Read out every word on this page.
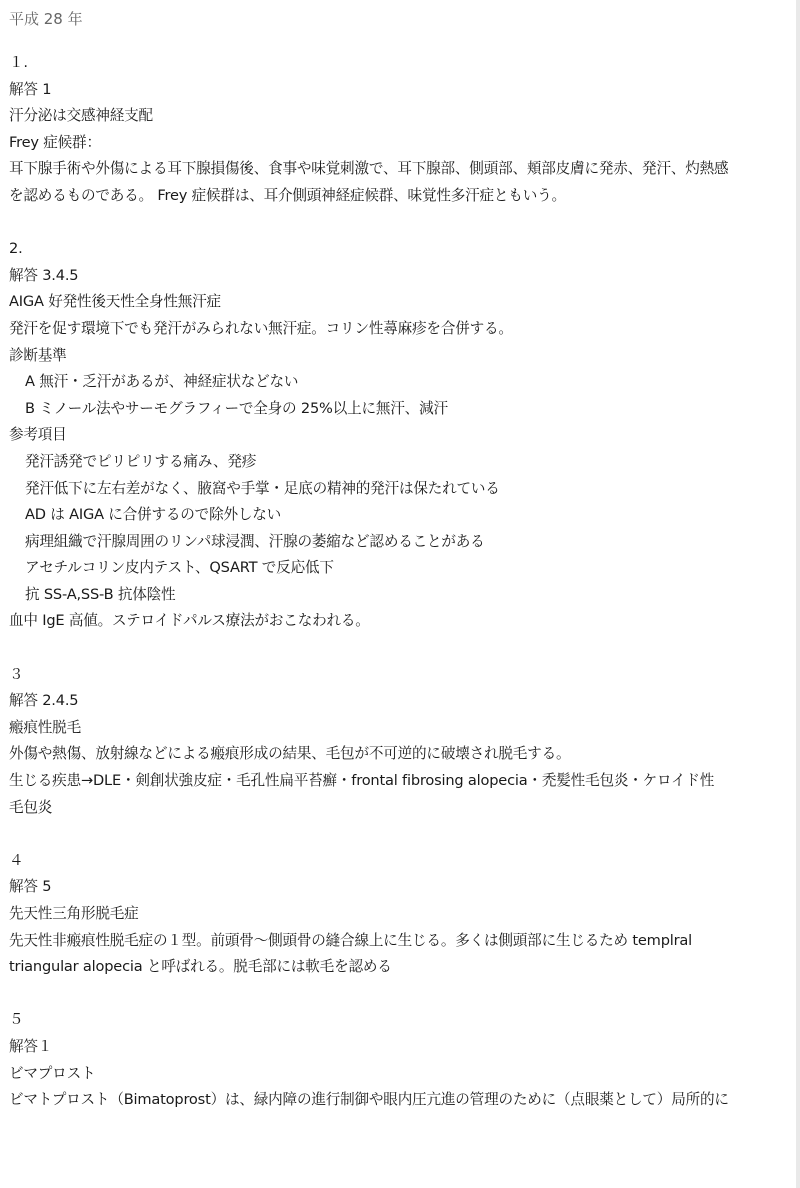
平成 28 年
１.
解答 1
汗分泌は交感神経支配
Frey 症候群：
耳下腺手術や外傷による耳下腺損傷後、食事や味覚刺激で、耳下腺部、側頭部、頬部皮膚に発赤、発汗、灼熱感
を認めるものである。 Frey 症候群は、耳介側頭神経症候群、味覚性多汗症ともいう。
2.
解答 3.4.5
AIGA 好発性後天性全身性無汗症
発汗を促す環境下でも発汗がみられない無汗症。コリン性蕁麻疹を合併する。
診断基準
A 無汗・乏汗があるが、神経症状などない
B ミノール法やサーモグラフィーで全身の 25%以上に無汗、減汗
参考項目
発汗誘発でピリピリする痛み、発疹
発汗低下に左右差がなく、腋窩や手掌・足底の精神的発汗は保たれている
AD は AIGA に合併するので除外しない
病理組織で汗腺周囲のリンパ球浸潤、汗腺の萎縮など認めることがある
アセチルコリン皮内テスト、QSART で反応低下
抗 SS-A,SS-B 抗体陰性
血中 IgE 高値。ステロイドパルス療法がおこなわれる。
３
解答 2.4.5
瘢痕性脱毛
外傷や熱傷、放射線などによる瘢痕形成の結果、毛包が不可逆的に破壊され脱毛する。
生じる疾患→DLE・剣創状強皮症・毛孔性扁平苔癬・frontal fibrosing alopecia・禿髪性毛包炎・ケロイド性
毛包炎
４
解答 5
先天性三角形脱毛症
先天性非瘢痕性脱毛症の１型。前頭骨～側頭骨の縫合線上に生じる。多くは側頭部に生じるため templral
triangular alopecia と呼ばれる。脱毛部には軟毛を認める
５
解答１
ビマプロスト
ビマトプロスト（Bimatoprost）は、緑内障の進行制御や眼内圧亢進の管理のために（点眼薬として）局所的に
